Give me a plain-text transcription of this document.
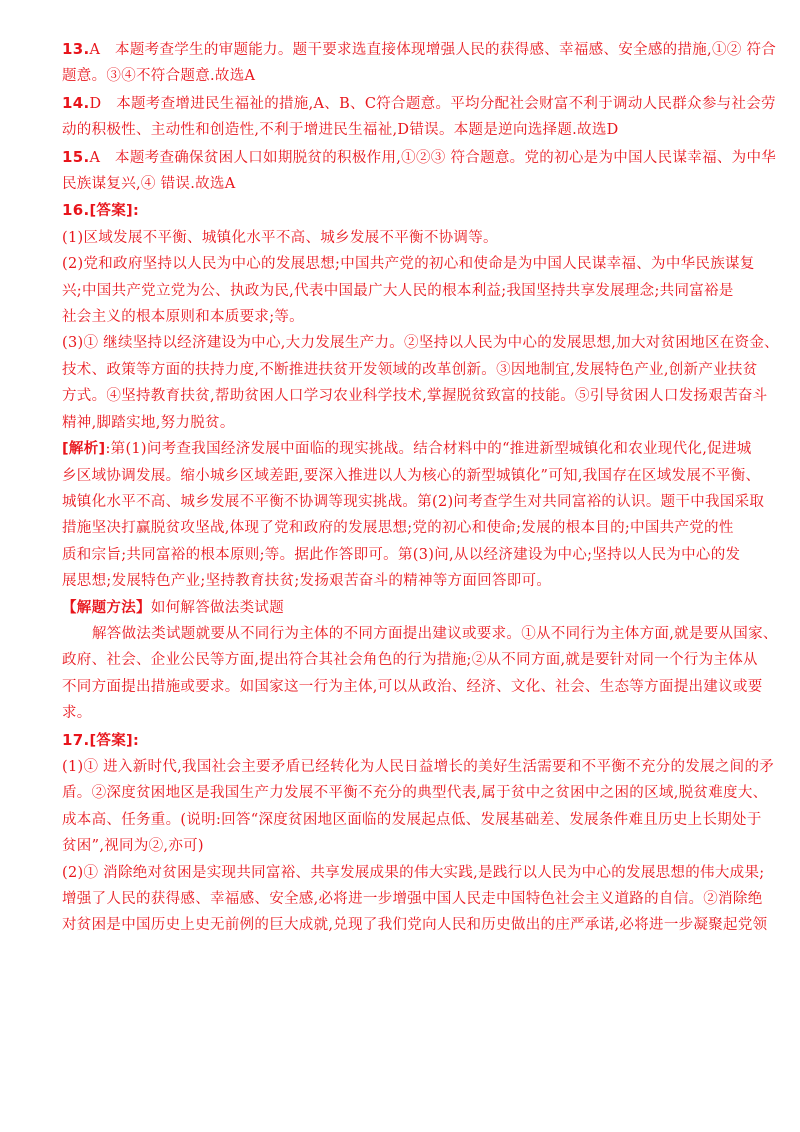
13.A　本题考查学生的审题能力。题干要求选直接体现增强人民的获得感、幸福感、安全感的措施,①② 符合
题意。③④不符合题意.故选A
14.D　本题考查增进民生福祉的措施,A、B、C符合题意。平均分配社会财富不利于调动人民群众参与社会劳
动的积极性、主动性和创造性,不利于增进民生福祉,D错误。本题是逆向选择题.故选D
15.A　本题考查确保贫困人口如期脱贫的积极作用,①②③ 符合题意。党的初心是为中国人民谋幸福、为中华
民族谋复兴,④ 错误.故选A
16.[答案]:
(1)区域发展不平衡、城镇化水平不高、城乡发展不平衡不协调等。
(2)党和政府坚持以人民为中心的发展思想;中国共产党的初心和使命是为中国人民谋幸福、为中华民族谋复
兴;中国共产党立党为公、执政为民,代表中国最广大人民的根本利益;我国坚持共享发展理念;共同富裕是
社会主义的根本原则和本质要求;等。
(3)① 继续坚持以经济建设为中心,大力发展生产力。②坚持以人民为中心的发展思想,加大对贫困地区在资金、
技术、政策等方面的扶持力度,不断推进扶贫开发领域的改革创新。③因地制宜,发展特色产业,创新产业扶贫
方式。④坚持教育扶贫,帮助贫困人口学习农业科学技术,掌握脱贫致富的技能。⑤引导贫困人口发扬艰苦奋斗
精神,脚踏实地,努力脱贫。
[解析]:第(1)问考查我国经济发展中面临的现实挑战。结合材料中的“推进新型城镇化和农业现代化,促进城
乡区域协调发展。缩小城乡区域差距,要深入推进以人为核心的新型城镇化”可知,我国存在区域发展不平衡、
城镇化水平不高、城乡发展不平衡不协调等现实挑战。第(2)问考查学生对共同富裕的认识。题干中我国采取
措施坚决打赢脱贫攻坚战,体现了党和政府的发展思想;党的初心和使命;发展的根本目的;中国共产党的性
质和宗旨;共同富裕的根本原则;等。据此作答即可。第(3)问,从以经济建设为中心;坚持以人民为中心的发
展思想;发展特色产业;坚持教育扶贫;发扬艰苦奋斗的精神等方面回答即可。
【解题方法】如何解答做法类试题
解答做法类试题就要从不同行为主体的不同方面提出建议或要求。①从不同行为主体方面,就是要从国家、
政府、社会、企业公民等方面,提出符合其社会角色的行为措施;②从不同方面,就是要针对同一个行为主体从
不同方面提出措施或要求。如国家这一行为主体,可以从政治、经济、文化、社会、生态等方面提出建议或要
求。
17.[答案]:
(1)① 进入新时代,我国社会主要矛盾已经转化为人民日益增长的美好生活需要和不平衡不充分的发展之间的矛
盾。②深度贫困地区是我国生产力发展不平衡不充分的典型代表,属于贫中之贫困中之困的区域,脱贫难度大、
成本高、任务重。(说明:回答“深度贫困地区面临的发展起点低、发展基础差、发展条件难且历史上长期处于
贫困”,视同为②,亦可)
(2)① 消除绝对贫困是实现共同富裕、共享发展成果的伟大实践,是践行以人民为中心的发展思想的伟大成果;
增强了人民的获得感、幸福感、安全感,必将进一步增强中国人民走中国特色社会主义道路的自信。②消除绝
对贫困是中国历史上史无前例的巨大成就,兑现了我们党向人民和历史做出的庄严承诺,必将进一步凝聚起党领
